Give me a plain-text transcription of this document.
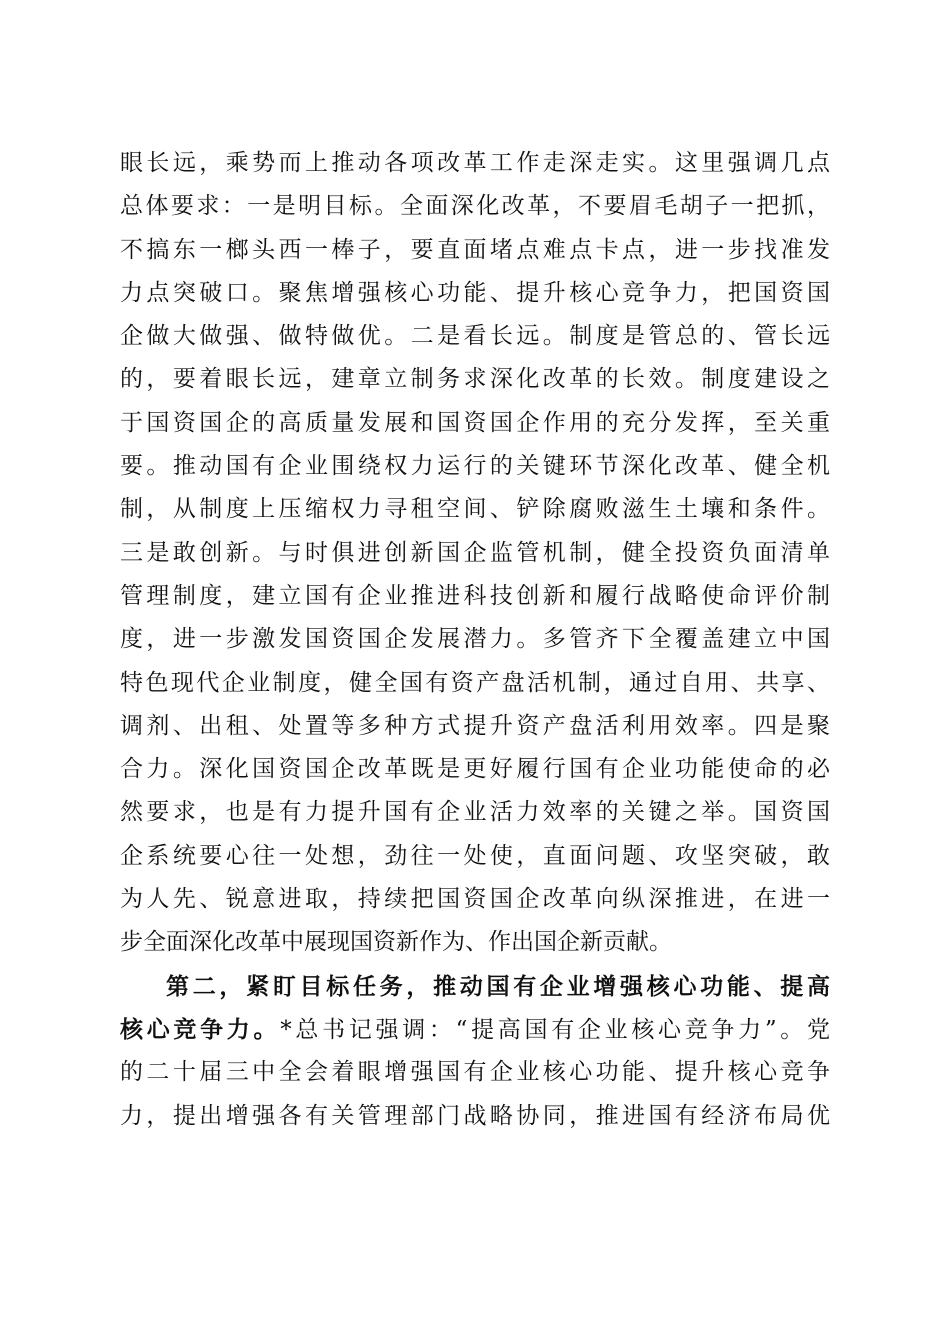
眼长远，乘势而上推动各项改革工作走深走实。这里强调几点
总体要求：一是明目标。全面深化改革，不要眉毛胡子一把抓，
不搞东一榔头西一棒子，要直面堵点难点卡点，进一步找准发
力点突破口。聚焦增强核心功能、提升核心竞争力，把国资国
企做大做强、做特做优。二是看长远。制度是管总的、管长远
的，要着眼长远，建章立制务求深化改革的长效。制度建设之
于国资国企的高质量发展和国资国企作用的充分发挥，至关重
要。推动国有企业围绕权力运行的关键环节深化改革、健全机
制，从制度上压缩权力寻租空间、铲除腐败滋生土壤和条件。
三是敢创新。与时俱进创新国企监管机制，健全投资负面清单
管理制度，建立国有企业推进科技创新和履行战略使命评价制
度，进一步激发国资国企发展潜力。多管齐下全覆盖建立中国
特色现代企业制度，健全国有资产盘活机制，通过自用、共享、
调剂、出租、处置等多种方式提升资产盘活利用效率。四是聚
合力。深化国资国企改革既是更好履行国有企业功能使命的必
然要求，也是有力提升国有企业活力效率的关键之举。国资国
企系统要心往一处想，劲往一处使，直面问题、攻坚突破，敢
为人先、锐意进取，持续把国资国企改革向纵深推进，在进一
步全面深化改革中展现国资新作为、作出国企新贡献。
第二，紧盯目标任务，推动国有企业增强核心功能、提高
核心竞争力。*总书记强调：“提高国有企业核心竞争力”。党
的二十届三中全会着眼增强国有企业核心功能、提升核心竞争
力，提出增强各有关管理部门战略协同，推进国有经济布局优
